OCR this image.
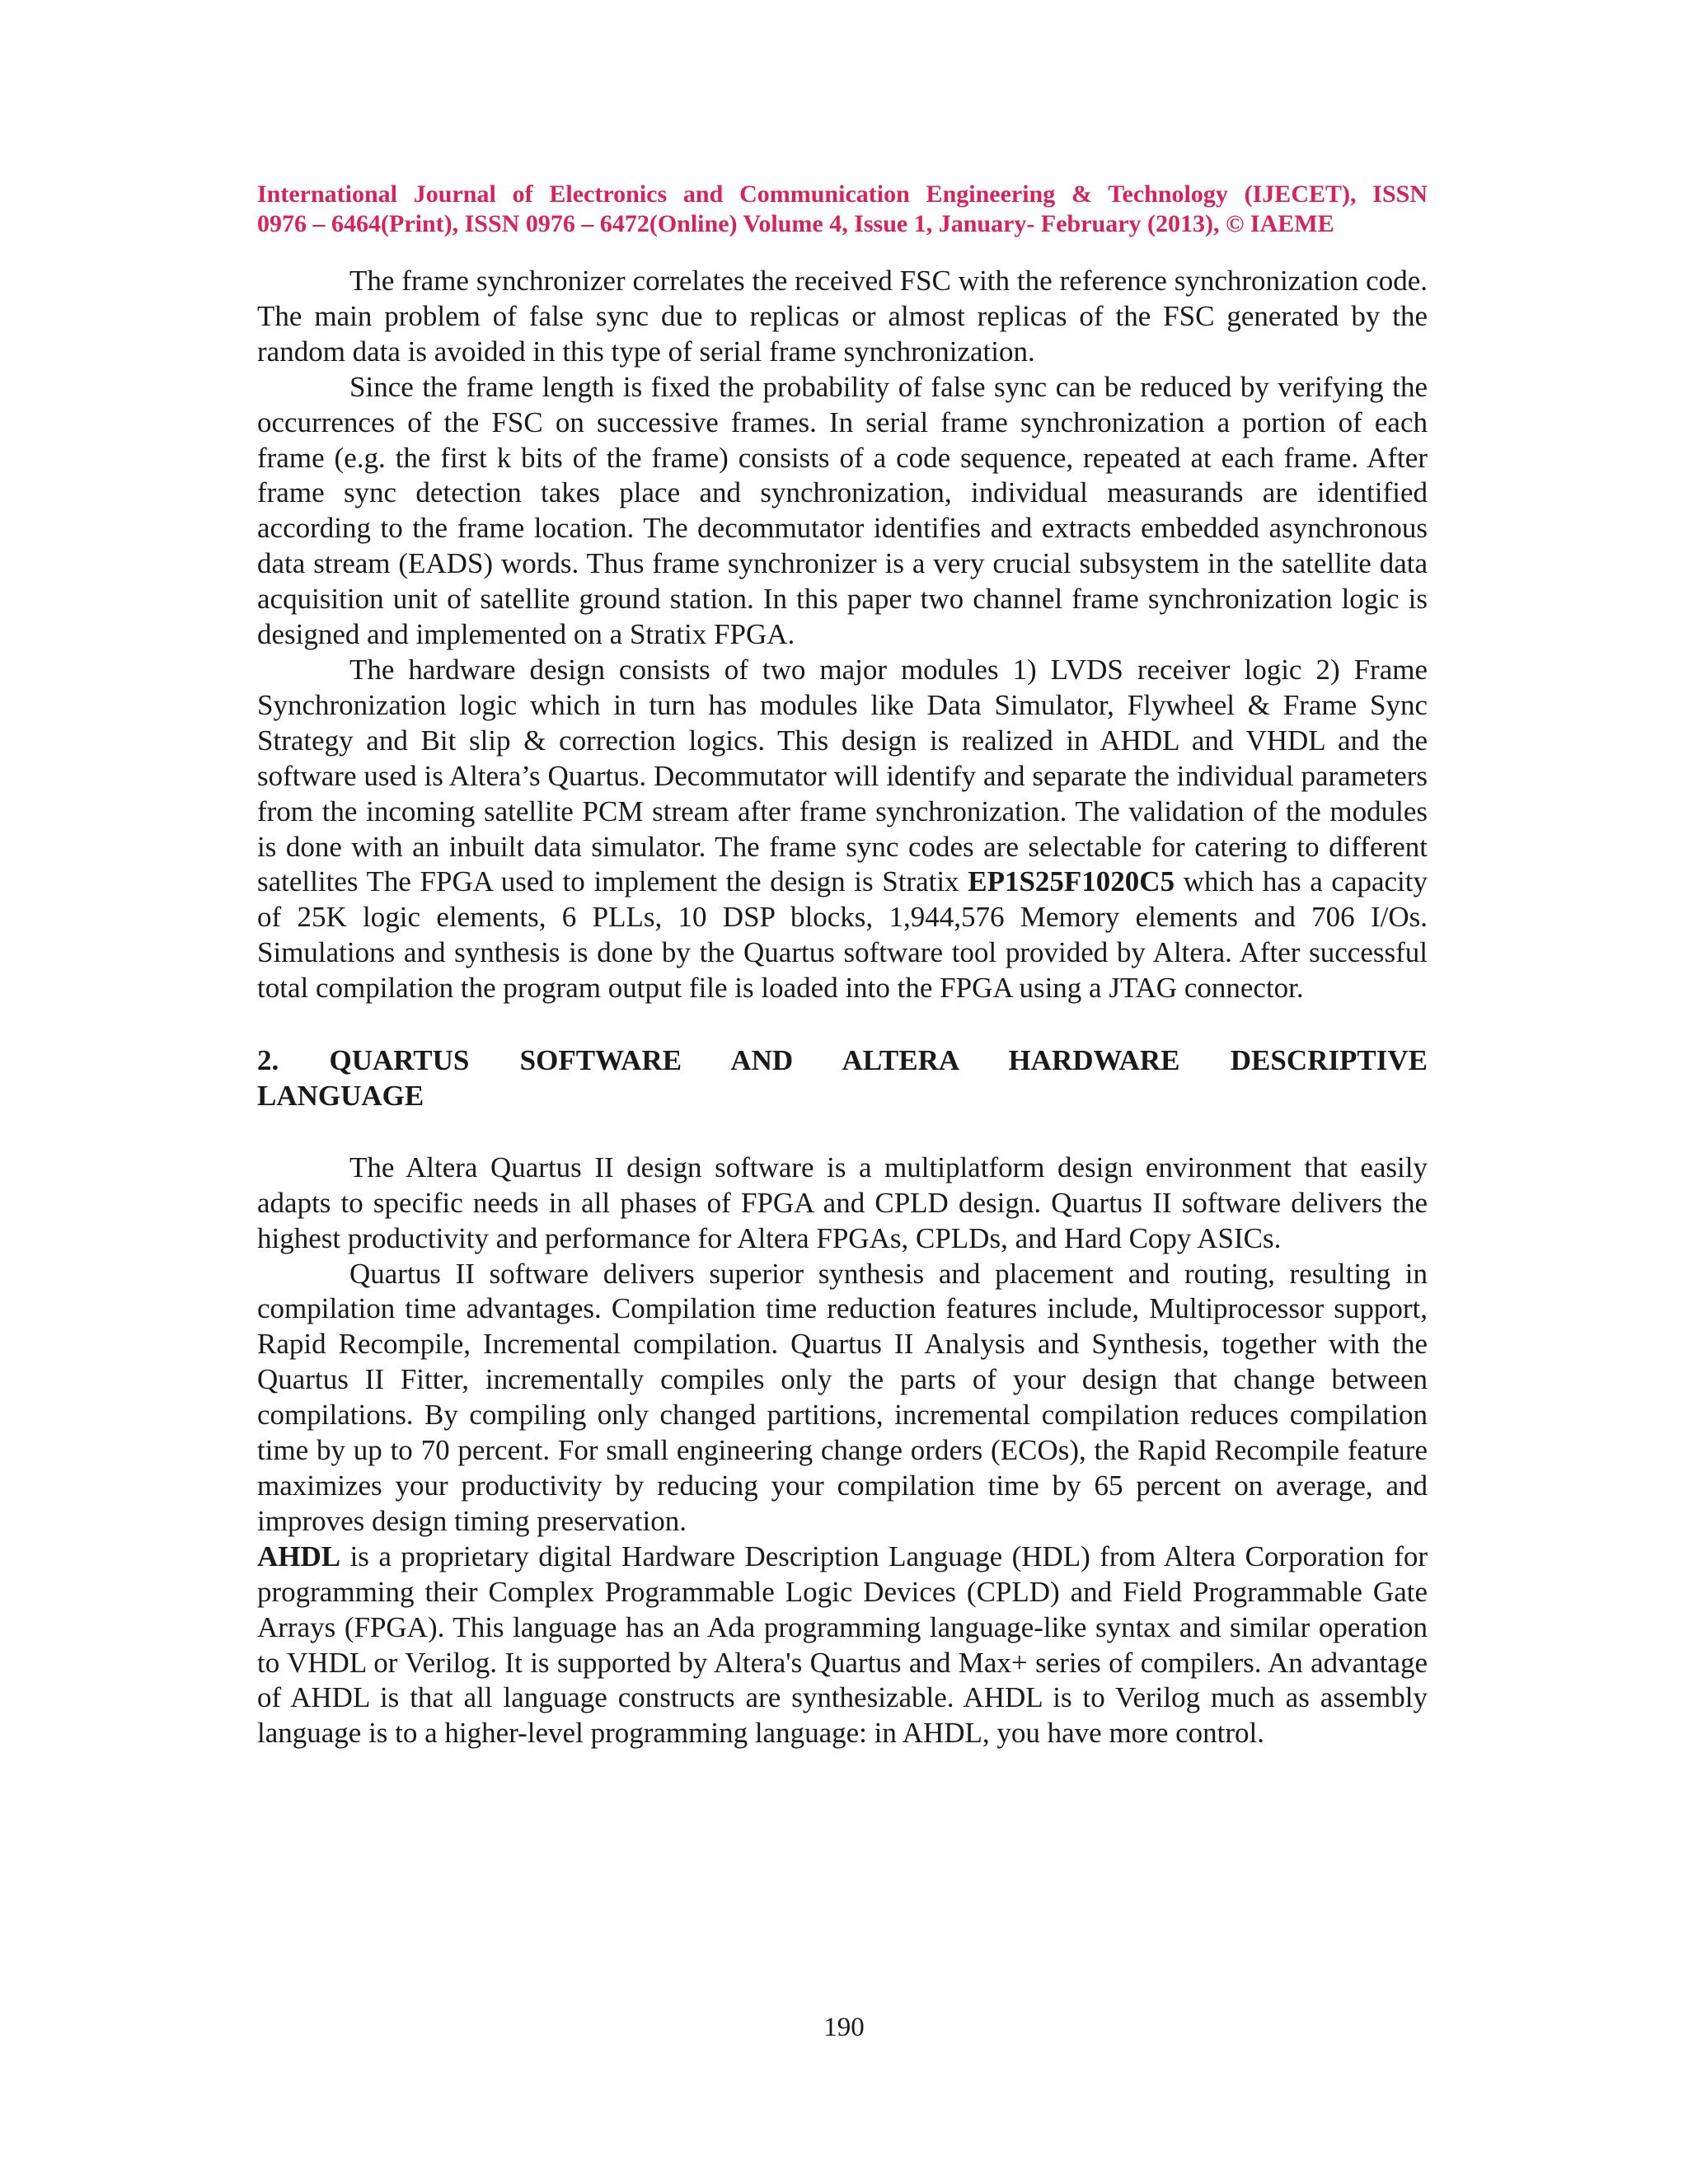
International Journal of Electronics and Communication Engineering & Technology (IJECET), ISSN
0976 – 6464(Print), ISSN 0976 – 6472(Online) Volume 4, Issue 1, January- February (2013), © IAEME

The frame synchronizer correlates the received FSC with the reference synchronization code. The main problem of false sync due to replicas or almost replicas of the FSC generated by the random data is avoided in this type of serial frame synchronization.

Since the frame length is fixed the probability of false sync can be reduced by verifying the occurrences of the FSC on successive frames. In serial frame synchronization a portion of each frame (e.g. the first k bits of the frame) consists of a code sequence, repeated at each frame. After frame sync detection takes place and synchronization, individual measurands are identified according to the frame location. The decommutator identifies and extracts embedded asynchronous data stream (EADS) words. Thus frame synchronizer is a very crucial subsystem in the satellite data acquisition unit of satellite ground station. In this paper two channel frame synchronization logic is designed and implemented on a Stratix FPGA.

The hardware design consists of two major modules 1) LVDS receiver logic 2) Frame Synchronization logic which in turn has modules like Data Simulator, Flywheel & Frame Sync Strategy and Bit slip & correction logics. This design is realized in AHDL and VHDL and the software used is Altera’s Quartus. Decommutator will identify and separate the individual parameters from the incoming satellite PCM stream after frame synchronization. The validation of the modules is done with an inbuilt data simulator. The frame sync codes are selectable for catering to different satellites The FPGA used to implement the design is Stratix EP1S25F1020C5 which has a capacity of 25K logic elements, 6 PLLs, 10 DSP blocks, 1,944,576 Memory elements and 706 I/Os. Simulations and synthesis is done by the Quartus software tool provided by Altera. After successful total compilation the program output file is loaded into the FPGA using a JTAG connector.

2. QUARTUS SOFTWARE AND ALTERA HARDWARE DESCRIPTIVE
LANGUAGE

The Altera Quartus II design software is a multiplatform design environment that easily adapts to specific needs in all phases of FPGA and CPLD design. Quartus II software delivers the highest productivity and performance for Altera FPGAs, CPLDs, and Hard Copy ASICs.

Quartus II software delivers superior synthesis and placement and routing, resulting in compilation time advantages. Compilation time reduction features include, Multiprocessor support, Rapid Recompile, Incremental compilation. Quartus II Analysis and Synthesis, together with the Quartus II Fitter, incrementally compiles only the parts of your design that change between compilations. By compiling only changed partitions, incremental compilation reduces compilation time by up to 70 percent. For small engineering change orders (ECOs), the Rapid Recompile feature maximizes your productivity by reducing your compilation time by 65 percent on average, and improves design timing preservation.

AHDL is a proprietary digital Hardware Description Language (HDL) from Altera Corporation for programming their Complex Programmable Logic Devices (CPLD) and Field Programmable Gate Arrays (FPGA). This language has an Ada programming language-like syntax and similar operation to VHDL or Verilog. It is supported by Altera's Quartus and Max+ series of compilers. An advantage of AHDL is that all language constructs are synthesizable. AHDL is to Verilog much as assembly language is to a higher-level programming language: in AHDL, you have more control.

190
